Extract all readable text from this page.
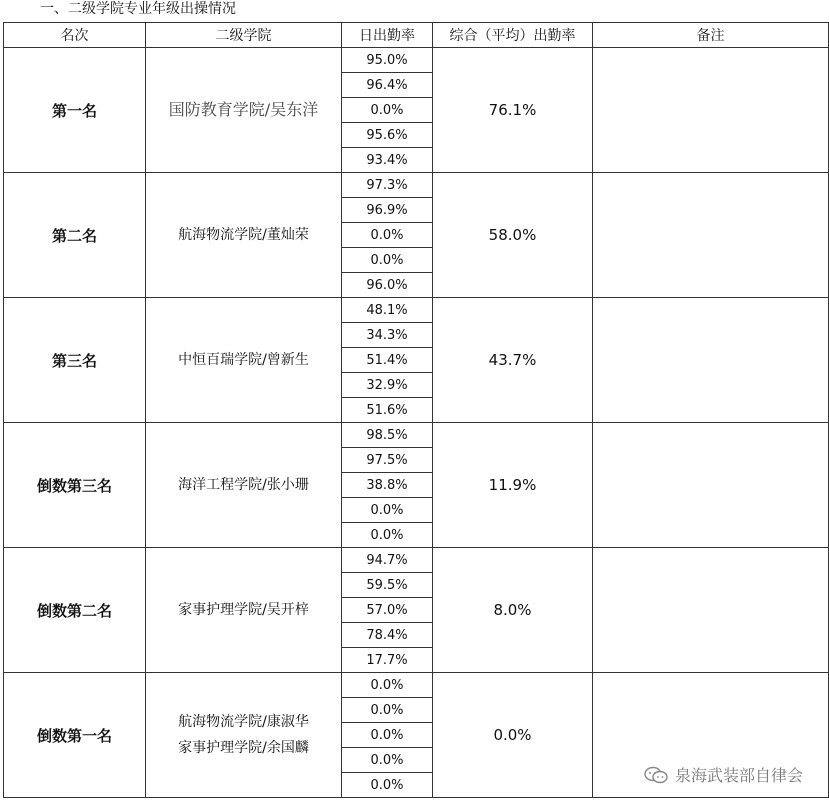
一、二级学院专业年级出操情况
名次	二级学院	日出勤率	综合（平均）出勤率	备注
第一名	国防教育学院/吴东洋	95.0%	76.1%	
		96.4%		
		0.0%		
		95.6%		
		93.4%		
第二名	航海物流学院/董灿荣	97.3%	58.0%	
		96.9%		
		0.0%		
		0.0%		
		96.0%		
第三名	中恒百瑞学院/曾新生	48.1%	43.7%	
		34.3%		
		51.4%		
		32.9%		
		51.6%		
倒数第三名	海洋工程学院/张小珊	98.5%	11.9%	
		97.5%		
		38.8%		
		0.0%		
		0.0%		
倒数第二名	家事护理学院/吴开梓	94.7%	8.0%	
		59.5%		
		57.0%		
		78.4%		
		17.7%		
倒数第一名	航海物流学院/康淑华
家事护理学院/余国麟	0.0%	0.0%	
		0.0%		
		0.0%		
		0.0%		
		0.0%			泉海武装部自律会
